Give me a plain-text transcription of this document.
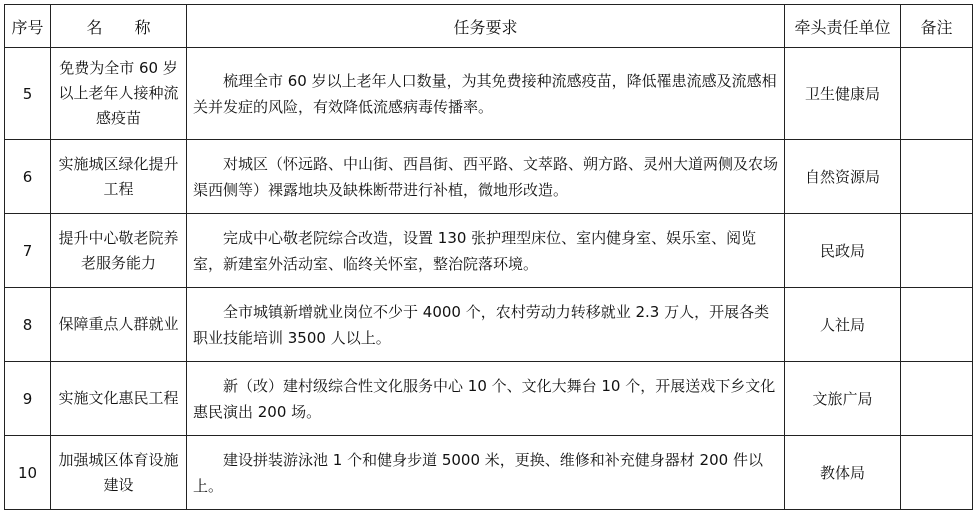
序号	名　　称	任务要求	牵头责任单位	备注
5	免费为全市 60 岁以上老年人接种流感疫苗	梳理全市 60 岁以上老年人口数量，为其免费接种流感疫苗，降低罹患流感及流感相关并发症的风险，有效降低流感病毒传播率。	卫生健康局	
6	实施城区绿化提升工程	对城区（怀远路、中山街、西昌街、西平路、文萃路、朔方路、灵州大道两侧及农场渠西侧等）裸露地块及缺株断带进行补植，微地形改造。	自然资源局	
7	提升中心敬老院养老服务能力	完成中心敬老院综合改造，设置 130 张护理型床位、室内健身室、娱乐室、阅览室，新建室外活动室、临终关怀室，整治院落环境。	民政局	
8	保障重点人群就业	全市城镇新增就业岗位不少于 4000 个，农村劳动力转移就业 2.3 万人，开展各类职业技能培训 3500 人以上。	人社局	
9	实施文化惠民工程	新（改）建村级综合性文化服务中心 10 个、文化大舞台 10 个，开展送戏下乡文化惠民演出 200 场。	文旅广局	
10	加强城区体育设施建设	建设拼装游泳池 1 个和健身步道 5000 米，更换、维修和补充健身器材 200 件以上。	教体局	
